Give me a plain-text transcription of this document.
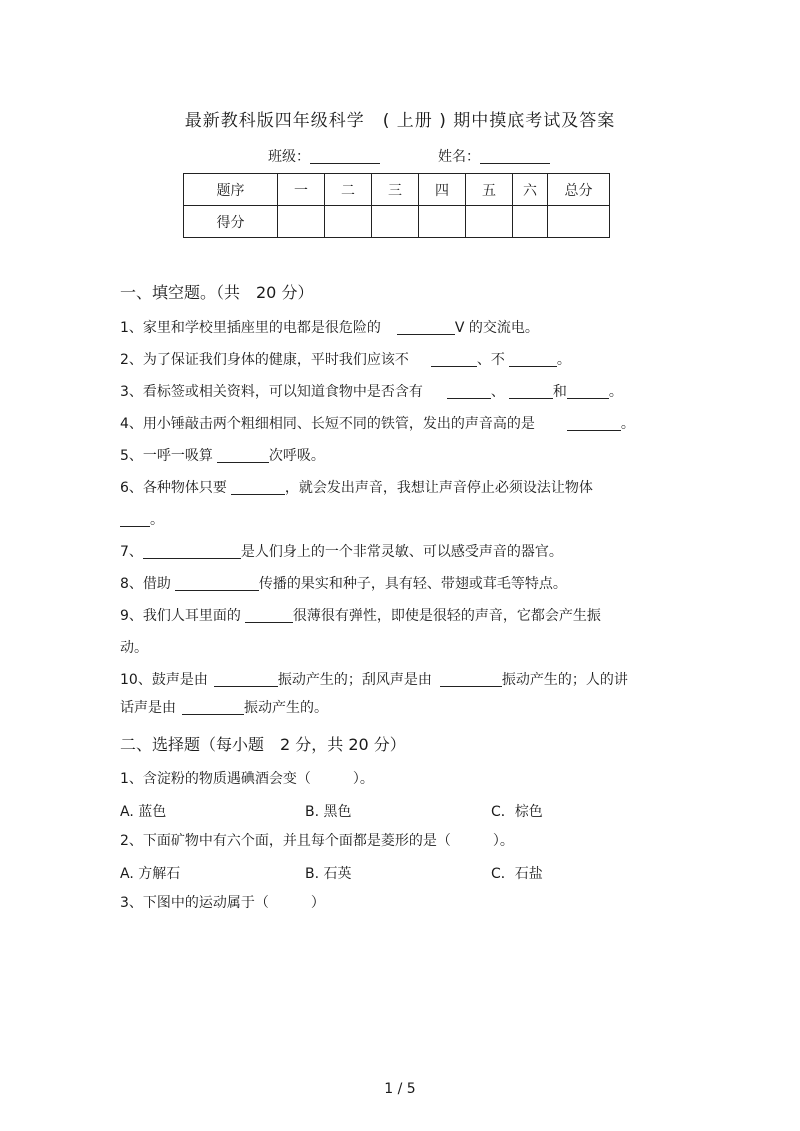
最新教科版四年级科学　( 上册 ) 期中摸底考试及答案
班级：	姓名：
题序	一	二	三	四	五	六	总分
得分							
一、填空题。（共　20 分）
1、家里和学校里插座里的电都是很危险的	V 的交流电。
2、为了保证我们身体的健康，平时我们应该不	、不	。
3、看标签或相关资料，可以知道食物中是否含有	、	和	。
4、用小锤敲击两个粗细相同、长短不同的铁管，发出的声音高的是	。
5、一呼一吸算	次呼吸。
6、各种物体只要	，就会发出声音，我想让声音停止必须设法让物体
。
7、	是人们身上的一个非常灵敏、可以感受声音的器官。
8、借助	传播的果实和种子，具有轻、带翅或茸毛等特点。
9、我们人耳里面的	很薄很有弹性，即使是很轻的声音，它都会产生振
动。
10、鼓声是由	振动产生的；刮风声是由	振动产生的；人的讲
话声是由	振动产生的。
二、选择题（每小题　2 分，共 20 分）
1、含淀粉的物质遇碘酒会变（　　　）。
A. 蓝色	B. 黑色	C．棕色
2、下面矿物中有六个面，并且每个面都是菱形的是（　　　）。
A. 方解石	B. 石英	C．石盐
3、下图中的运动属于（　　　）
1 / 5
